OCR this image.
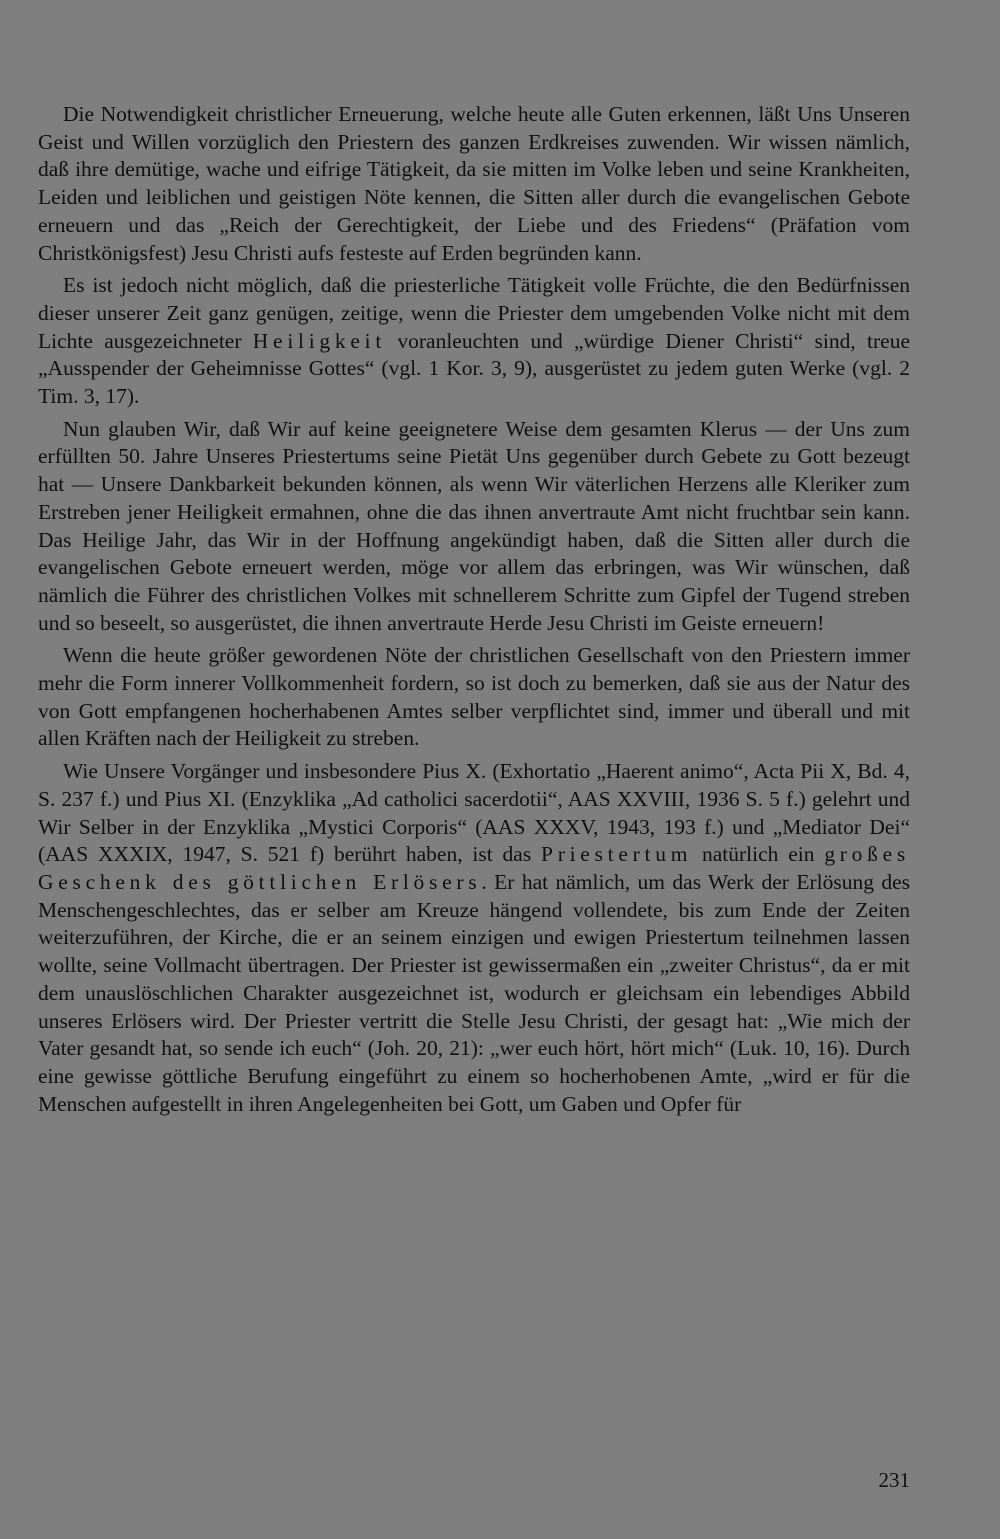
Die Notwendigkeit christlicher Erneuerung, welche heute alle Guten erkennen, läßt Uns Unseren Geist und Willen vorzüglich den Priestern des ganzen Erdkreises zuwenden. Wir wissen nämlich, daß ihre demütige, wache und eifrige Tätigkeit, da sie mitten im Volke leben und seine Krankheiten, Leiden und leiblichen und geistigen Nöte kennen, die Sitten aller durch die evangelischen Gebote erneuern und das „Reich der Gerechtigkeit, der Liebe und des Friedens“ (Präfation vom Christkönigsfest) Jesu Christi aufs festeste auf Erden begründen kann.

Es ist jedoch nicht möglich, daß die priesterliche Tätigkeit volle Früchte, die den Bedürfnissen dieser unserer Zeit ganz genügen, zeitige, wenn die Priester dem umgebenden Volke nicht mit dem Lichte ausgezeichneter Heiligkeit voranleuchten und „würdige Diener Christi“ sind, treue „Ausspender der Geheimnisse Gottes“ (vgl. 1 Kor. 3, 9), ausgerüstet zu jedem guten Werke (vgl. 2 Tim. 3, 17).

Nun glauben Wir, daß Wir auf keine geeignetere Weise dem gesamten Klerus — der Uns zum erfüllten 50. Jahre Unseres Priestertums seine Pietät Uns gegenüber durch Gebete zu Gott bezeugt hat — Unsere Dankbarkeit bekunden können, als wenn Wir väterlichen Herzens alle Kleriker zum Erstreben jener Heiligkeit ermahnen, ohne die das ihnen anvertraute Amt nicht fruchtbar sein kann. Das Heilige Jahr, das Wir in der Hoffnung angekündigt haben, daß die Sitten aller durch die evangelischen Gebote erneuert werden, möge vor allem das erbringen, was Wir wünschen, daß nämlich die Führer des christlichen Volkes mit schnellerem Schritte zum Gipfel der Tugend streben und so beseelt, so ausgerüstet, die ihnen anvertraute Herde Jesu Christi im Geiste erneuern!

Wenn die heute größer gewordenen Nöte der christlichen Gesellschaft von den Priestern immer mehr die Form innerer Vollkommenheit fordern, so ist doch zu bemerken, daß sie aus der Natur des von Gott empfangenen hocherhabenen Amtes selber verpflichtet sind, immer und überall und mit allen Kräften nach der Heiligkeit zu streben.

Wie Unsere Vorgänger und insbesondere Pius X. (Exhortatio „Haerent animo“, Acta Pii X, Bd. 4, S. 237 f.) und Pius XI. (Enzyklika „Ad catholici sacerdotii“, AAS XXVIII, 1936 S. 5 f.) gelehrt und Wir Selber in der Enzyklika „Mystici Corporis“ (AAS XXXV, 1943, 193 f.) und „Mediator Dei“ (AAS XXXIX, 1947, S. 521 f) berührt haben, ist das Priestertum natürlich ein großes Geschenk des göttlichen Erlösers. Er hat nämlich, um das Werk der Erlösung des Menschengeschlechtes, das er selber am Kreuze hängend vollendete, bis zum Ende der Zeiten weiterzuführen, der Kirche, die er an seinem einzigen und ewigen Priestertum teilnehmen lassen wollte, seine Vollmacht übertragen. Der Priester ist gewissermaßen ein „zweiter Christus“, da er mit dem unauslöschlichen Charakter ausgezeichnet ist, wodurch er gleichsam ein lebendiges Abbild unseres Erlösers wird. Der Priester vertritt die Stelle Jesu Christi, der gesagt hat: „Wie mich der Vater gesandt hat, so sende ich euch“ (Joh. 20, 21): „wer euch hört, hört mich“ (Luk. 10, 16). Durch eine gewisse göttliche Berufung eingeführt zu einem so hocherhobenen Amte, „wird er für die Menschen aufgestellt in ihren Angelegenheiten bei Gott, um Gaben und Opfer für

231
